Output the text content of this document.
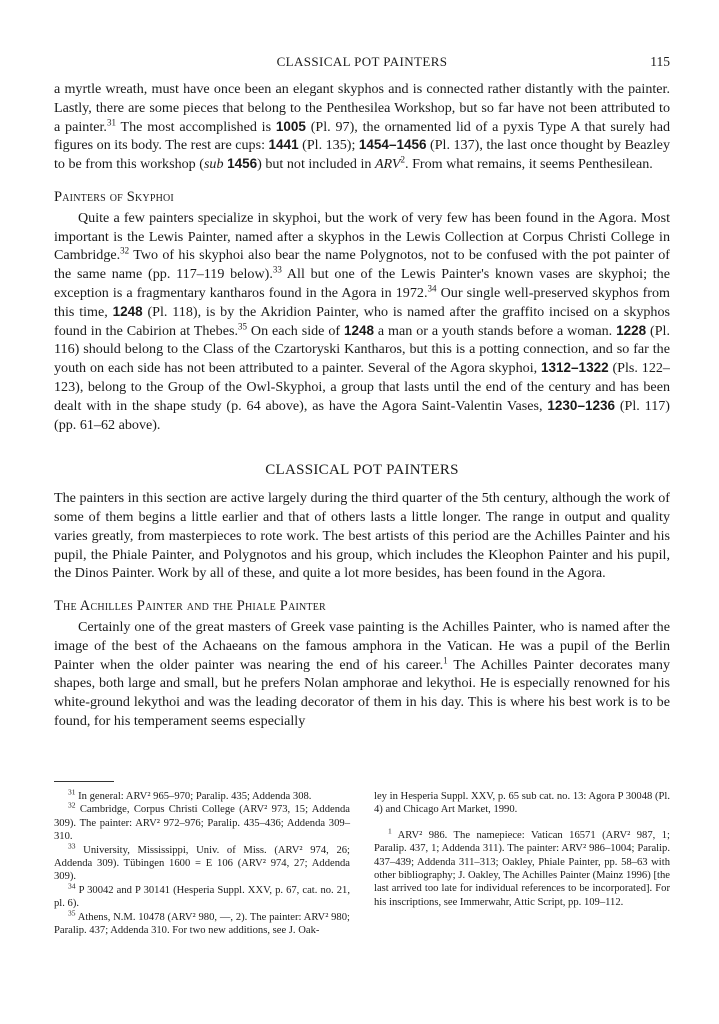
CLASSICAL POT PAINTERS	115

a myrtle wreath, must have once been an elegant skyphos and is connected rather distantly with the painter. Lastly, there are some pieces that belong to the Penthesilea Workshop, but so far have not been attributed to a painter.$^{31}$ The most accomplished is 1005 (Pl. 97), the ornamented lid of a pyxis Type A that surely had figures on its body. The rest are cups: 1441 (Pl. 135); 1454–1456 (Pl. 137), the last once thought by Beazley to be from this workshop (sub 1456) but not included in ARV$^2$. From what remains, it seems Penthesilean.

Painters of Skyphoi

Quite a few painters specialize in skyphoi, but the work of very few has been found in the Agora. Most important is the Lewis Painter, named after a skyphos in the Lewis Collection at Corpus Christi College in Cambridge.$^{32}$ Two of his skyphoi also bear the name Polygnotos, not to be confused with the pot painter of the same name (pp. 117–119 below).$^{33}$ All but one of the Lewis Painter's known vases are skyphoi; the exception is a fragmentary kantharos found in the Agora in 1972.34 Our single well-preserved skyphos from this time, 1248 (Pl. 118), is by the Akridion Painter, who is named after the graffito incised on a skyphos found in the Cabirion at Thebes.$^{35}$ On each side of 1248 a man or a youth stands before a woman. 1228 (Pl. 116) should belong to the Class of the Czartoryski Kantharos, but this is a potting connection, and so far the youth on each side has not been attributed to a painter. Several of the Agora skyphoi, 1312–1322 (Pls. 122–123), belong to the Group of the Owl-Skyphoi, a group that lasts until the end of the century and has been dealt with in the shape study (p. 64 above), as have the Agora Saint-Valentin Vases, 1230–1236 (Pl. 117) (pp. 61–62 above).

CLASSICAL POT PAINTERS

The painters in this section are active largely during the third quarter of the 5th century, although the work of some of them begins a little earlier and that of others lasts a little longer. The range in output and quality varies greatly, from masterpieces to rote work. The best artists of this period are the Achilles Painter and his pupil, the Phiale Painter, and Polygnotos and his group, which includes the Kleophon Painter and his pupil, the Dinos Painter. Work by all of these, and quite a lot more besides, has been found in the Agora.

The Achilles Painter and the Phiale Painter

Certainly one of the great masters of Greek vase painting is the Achilles Painter, who is named after the image of the best of the Achaeans on the famous amphora in the Vatican. He was a pupil of the Berlin Painter when the older painter was nearing the end of his career.$^1$ The Achilles Painter decorates many shapes, both large and small, but he prefers Nolan amphorae and lekythoi. He is especially renowned for his white-ground lekythoi and was the leading decorator of them in his day. This is where his best work is to be found, for his temperament seems especially

$^{31}$ In general: ARV² 965–970; Paralip. 435; Addenda 308.

$^{32}$ Cambridge, Corpus Christi College (ARV² 973, 15; Addenda 309). The painter: ARV² 972–976; Paralip. 435–436; Addenda 309–310.

$^{33}$ University, Mississippi, Univ. of Miss. (ARV² 974, 26; Addenda 309). Tübingen 1600 = E 106 (ARV² 974, 27; Addenda 309).

$^{34}$ P 30042 and P 30141 (Hesperia Suppl. XXV, p. 67, cat. no. 21, pl. 6).

$^{35}$ Athens, N.M. 10478 (ARV² 980, —, 2). The painter: ARV² 980; Paralip. 437; Addenda 310. For two new additions, see J. Oak-

ley in Hesperia Suppl. XXV, p. 65 sub cat. no. 13: Agora P 30048 (Pl. 4) and Chicago Art Market, 1990.

$^1$ ARV² 986. The namepiece: Vatican 16571 (ARV² 987, 1; Paralip. 437, 1; Addenda 311). The painter: ARV² 986–1004; Paralip. 437–439; Addenda 311–313; Oakley, Phiale Painter, pp. 58–63 with other bibliography; J. Oakley, The Achilles Painter (Mainz 1996) [the last arrived too late for individual references to be incorporated]. For his inscriptions, see Immerwahr, Attic Script, pp. 109–112.
